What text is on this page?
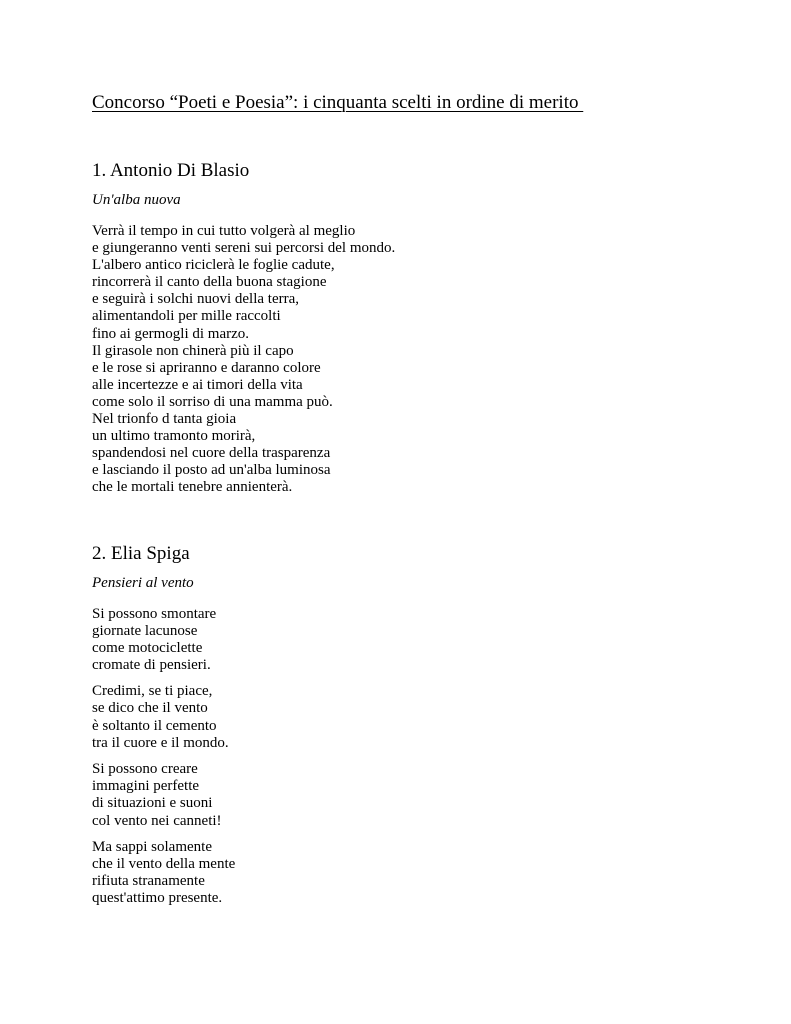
Concorso “Poeti e Poesia”: i cinquanta scelti in ordine di merito
1. Antonio Di Blasio

Un'alba nuova

Verrà il tempo in cui tutto volgerà al meglio
e giungeranno venti sereni sui percorsi del mondo.
L'albero antico riciclerà le foglie cadute,
rincorrerà il canto della buona stagione
e seguirà i solchi nuovi della terra,
alimentandoli per mille raccolti
fino ai germogli di marzo.
Il girasole non chinerà più il capo
e le rose si apriranno e daranno colore
alle incertezze e ai timori della vita
come solo il sorriso di una mamma può.
Nel trionfo d tanta gioia
un ultimo tramonto morirà,
spandendosi nel cuore della trasparenza
e lasciando il posto ad un'alba luminosa
che le mortali tenebre annienterà.

2. Elia Spiga

Pensieri al vento

Si possono smontare
giornate lacunose
come motociclette
cromate di pensieri.

Credimi, se ti piace,
se dico che il vento
è soltanto il cemento
tra il cuore e il mondo.

Si possono creare
immagini perfette
di situazioni e suoni
col vento nei canneti!

Ma sappi solamente
che il vento della mente
rifiuta stranamente
quest'attimo presente.
